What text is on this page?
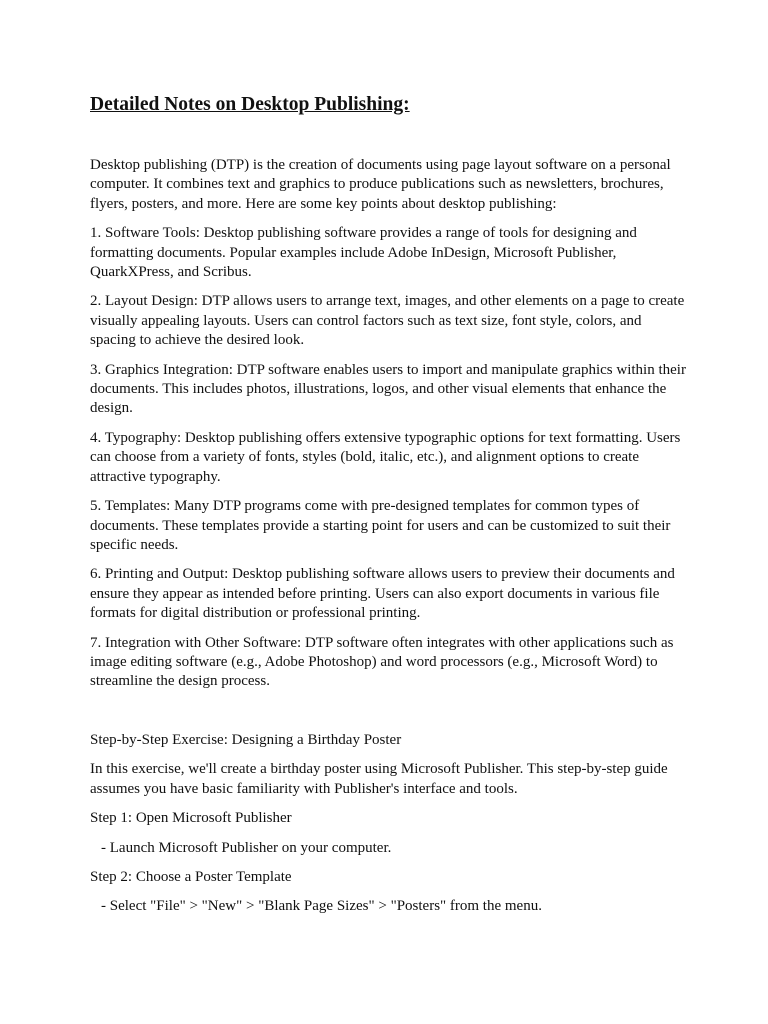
Detailed Notes on Desktop Publishing:

Desktop publishing (DTP) is the creation of documents using page layout software on a personal computer. It combines text and graphics to produce publications such as newsletters, brochures, flyers, posters, and more. Here are some key points about desktop publishing:

1. Software Tools: Desktop publishing software provides a range of tools for designing and formatting documents. Popular examples include Adobe InDesign, Microsoft Publisher, QuarkXPress, and Scribus.

2. Layout Design: DTP allows users to arrange text, images, and other elements on a page to create visually appealing layouts. Users can control factors such as text size, font style, colors, and spacing to achieve the desired look.

3. Graphics Integration: DTP software enables users to import and manipulate graphics within their documents. This includes photos, illustrations, logos, and other visual elements that enhance the design.

4. Typography: Desktop publishing offers extensive typographic options for text formatting. Users can choose from a variety of fonts, styles (bold, italic, etc.), and alignment options to create attractive typography.

5. Templates: Many DTP programs come with pre-designed templates for common types of documents. These templates provide a starting point for users and can be customized to suit their specific needs.

6. Printing and Output: Desktop publishing software allows users to preview their documents and ensure they appear as intended before printing. Users can also export documents in various file formats for digital distribution or professional printing.

7. Integration with Other Software: DTP software often integrates with other applications such as image editing software (e.g., Adobe Photoshop) and word processors (e.g., Microsoft Word) to streamline the design process.

Step-by-Step Exercise: Designing a Birthday Poster

In this exercise, we'll create a birthday poster using Microsoft Publisher. This step-by-step guide assumes you have basic familiarity with Publisher's interface and tools.

Step 1: Open Microsoft Publisher

- Launch Microsoft Publisher on your computer.

Step 2: Choose a Poster Template

- Select "File" > "New" > "Blank Page Sizes" > "Posters" from the menu.
